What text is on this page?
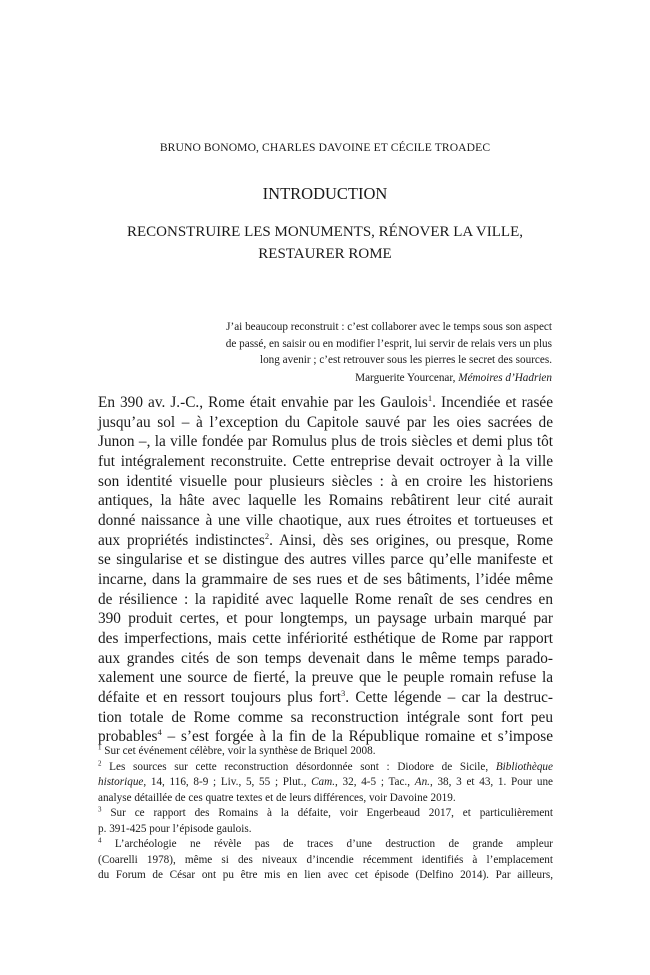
BRUNO BONOMO, CHARLES DAVOINE ET CÉCILE TROADEC
INTRODUCTION
RECONSTRUIRE LES MONUMENTS, RÉNOVER LA VILLE,
RESTAURER ROME
J’ai beaucoup reconstruit : c’est collaborer avec le temps sous son aspect
de passé, en saisir ou en modifier l’esprit, lui servir de relais vers un plus
long avenir ; c’est retrouver sous les pierres le secret des sources.
Marguerite Yourcenar, Mémoires d’Hadrien
En 390 av. J.-C., Rome était envahie par les Gaulois$^1$. Incendiée et rasée
jusqu’au sol – à l’exception du Capitole sauvé par les oies sacrées de
Junon –, la ville fondée par Romulus plus de trois siècles et demi plus tôt
fut intégralement reconstruite. Cette entreprise devait octroyer à la ville
son identité visuelle pour plusieurs siècles : à en croire les historiens
antiques, la hâte avec laquelle les Romains rebâtirent leur cité aurait
donné naissance à une ville chaotique, aux rues étroites et tortueuses et
aux propriétés indistinctes$^2$. Ainsi, dès ses origines, ou presque, Rome
se singularise et se distingue des autres villes parce qu’elle manifeste et
incarne, dans la grammaire de ses rues et de ses bâtiments, l’idée même
de résilience : la rapidité avec laquelle Rome renaît de ses cendres en
390 produit certes, et pour longtemps, un paysage urbain marqué par
des imperfections, mais cette infériorité esthétique de Rome par rapport
aux grandes cités de son temps devenait dans le même temps parado-
xalement une source de fierté, la preuve que le peuple romain refuse la
défaite et en ressort toujours plus fort$^3$. Cette légende – car la destruc-
tion totale de Rome comme sa reconstruction intégrale sont fort peu
probables$^4$ – s’est forgée à la fin de la République romaine et s’impose
$^1$ Sur cet événement célèbre, voir la synthèse de Briquel 2008.
$^2$ Les sources sur cette reconstruction désordonnée sont : Diodore de Sicile, Bibliothèque
historique, 14, 116, 8-9 ; Liv., 5, 55 ; Plut., Cam., 32, 4-5 ; Tac., An., 38, 3 et 43, 1. Pour une
analyse détaillée de ces quatre textes et de leurs différences, voir Davoine 2019.
$^3$ Sur ce rapport des Romains à la défaite, voir Engerbeaud 2017, et particulièrement
p. 391-425 pour l’épisode gaulois.
$^4$ L’archéologie ne révèle pas de traces d’une destruction de grande ampleur
(Coarelli 1978), même si des niveaux d’incendie récemment identifiés à l’emplacement
du Forum de César ont pu être mis en lien avec cet épisode (Delfino 2014). Par ailleurs,
